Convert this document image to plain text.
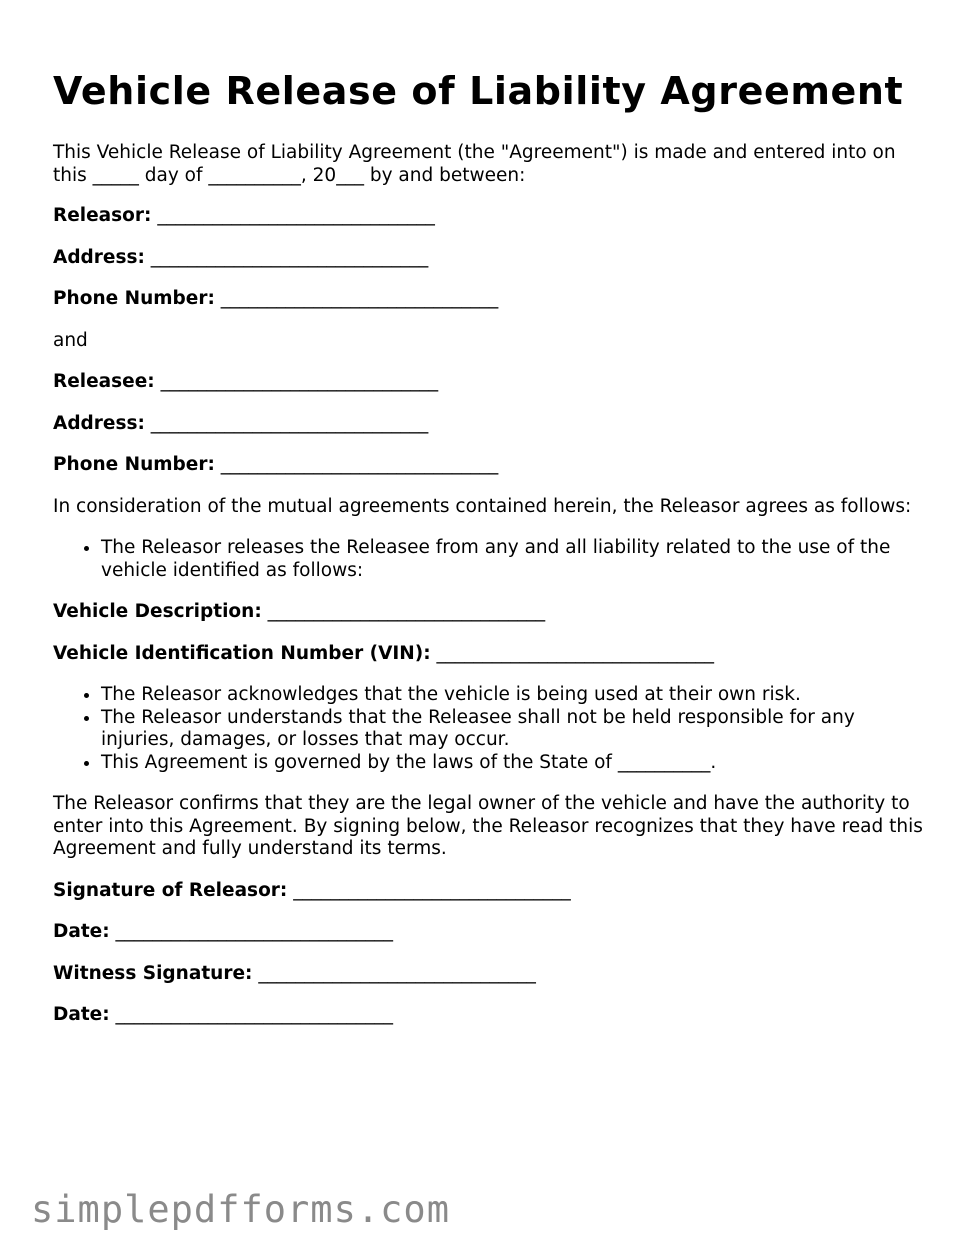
Vehicle Release of Liability Agreement

This Vehicle Release of Liability Agreement (the "Agreement") is made and entered into on this _____ day of __________, 20___ by and between:

Releasor: ______________________________

Address: ______________________________

Phone Number: ______________________________

and

Releasee: ______________________________

Address: ______________________________

Phone Number: ______________________________

In consideration of the mutual agreements contained herein, the Releasor agrees as follows:

• The Releasor releases the Releasee from any and all liability related to the use of the vehicle identified as follows:

Vehicle Description: ______________________________

Vehicle Identification Number (VIN): ______________________________

• The Releasor acknowledges that the vehicle is being used at their own risk.
• The Releasor understands that the Releasee shall not be held responsible for any injuries, damages, or losses that may occur.
• This Agreement is governed by the laws of the State of __________.

The Releasor confirms that they are the legal owner of the vehicle and have the authority to enter into this Agreement. By signing below, the Releasor recognizes that they have read this Agreement and fully understand its terms.

Signature of Releasor: ______________________________

Date: ______________________________

Witness Signature: ______________________________

Date: ______________________________

simplepdfforms.com
